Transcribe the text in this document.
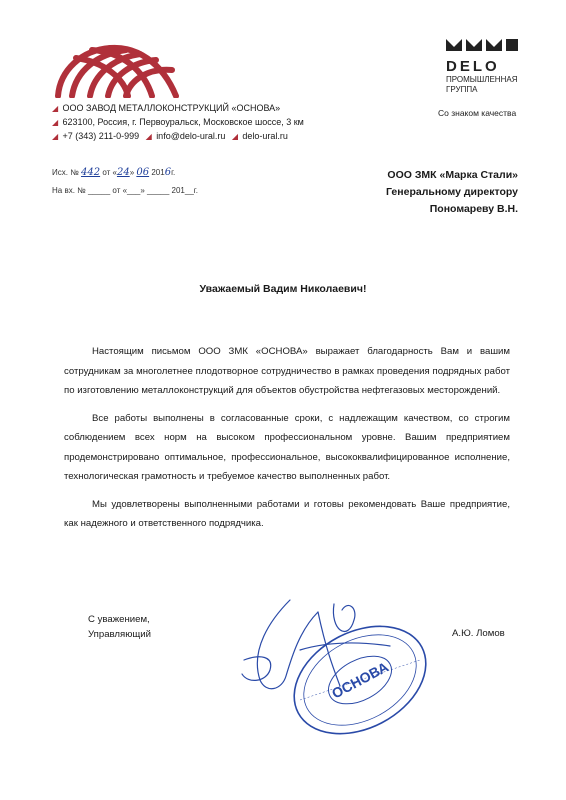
◢ ООО ЗАВОД МЕТАЛЛОКОНСТРУКЦИЙ «ОСНОВА»
◢ 623100, Россия, г. Первоуральск, Московское шоссе, 3 км
◢ +7 (343) 211-0-999 ◢ info@delo-ural.ru ◢ delo-ural.ru
DELO
ПРОМЫШЛЕННАЯ
ГРУППА
Со знаком качества
Исх. № 442 от «24» 06 2016г.
На вх. № _____ от «___» _____ 201__г.
ООО ЗМК «Марка Стали»
Генеральному директору
Пономареву В.Н.
Уважаемый Вадим Николаевич!

Настоящим письмом ООО ЗМК «ОСНОВА» выражает благодарность Вам и вашим сотрудникам за многолетнее плодотворное сотрудничество в рамках проведения подрядных работ по изготовлению металлоконструкций для объектов обустройства нефтегазовых месторождений.

Все работы выполнены в согласованные сроки, с надлежащим качеством, со строгим соблюдением всех норм на высоком профессиональном уровне. Вашим предприятием продемонстрировано оптимальное, профессиональное, высококвалифицированное исполнение, технологическая грамотность и требуемое качество выполненных работ.

Мы удовлетворены выполненными работами и готовы рекомендовать Ваше предприятие, как надежного и ответственного подрядчика.

С уважением,
Управляющий	А.Ю. Ломов
ОСНОВА
